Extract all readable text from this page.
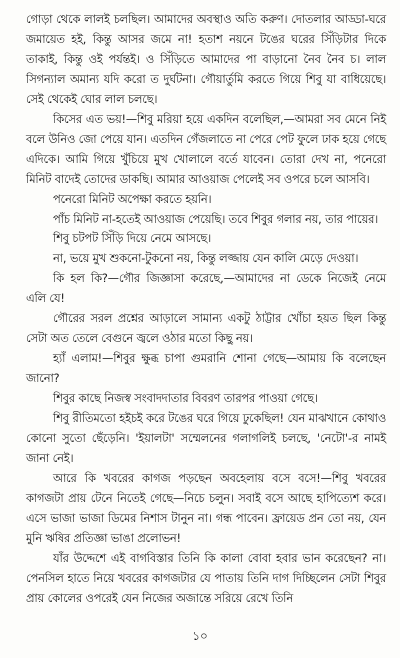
গোড়া থেকে লালই চলছিল। আমাদের অবস্থাও অতি করুণ। দোতলার আড্ডা-ঘরে জমায়েত হই, কিন্তু আসর জমে না! হতাশ নয়নে টঙের ঘরের সিঁড়িটার দিকে তাকাই, কিন্তু ওই পর্যন্তই। ও সিঁড়িতে আমাদের পা বাড়ানো নৈব নৈব চ। লাল সিগন্যাল অমান্য যদি করো ত দুর্ঘটনা। গৌয়ার্তুমি করতে গিয়ে শিবু যা বাধিয়েছে। সেই থেকেই ঘোর লাল চলছে।

কিসের এত ভয়!—শিবু মরিয়া হয়ে একদিন বলেছিল,—আমরা সব মেনে নিই বলে উনিও জো পেয়ে যান। এতদিন গেঁজলাতে না পেরে পেট ফুলে ঢাক হয়ে গেছে এদিকে। আমি গিয়ে খুঁচিয়ে মুখ খোলালে বর্তে যাবেন। তোরা দেখ না, পনেরো মিনিট বাদেই তোদের ডাকছি। আমার আওয়াজ পেলেই সব ওপরে চলে আসবি।

পনেরো মিনিট অপেক্ষা করতে হয়নি।

পাঁচ মিনিট না-হতেই আওয়াজ পেয়েছি। তবে শিবুর গলার নয়, তার পায়ের।

শিবু চটপট সিঁড়ি দিয়ে নেমে আসছে।

না, ভয়ে মুখ শুকনো-টুকনো নয়, কিন্তু লজ্জায় যেন কালি মেড়ে দেওয়া।

কি হল কি?—গৌর জিজ্ঞাসা করেছে,—আমাদের না ডেকে নিজেই নেমে এলি যে!

গৌরের সরল প্রশ্নের আড়ালে সামান্য একটু ঠাট্টার খোঁচা হয়ত ছিল কিন্তু সেটা অত তেলে বেগুনে জ্বলে ওঠার মতো কিছু নয়।

হ্যাঁ এলাম!—শিবুর ক্ষুব্ধ চাপা গুমরানি শোনা গেছে—আমায় কি বলেছেন জানো?

শিবুর কাছে নিজস্ব সংবাদদাতার বিবরণ তারপর পাওয়া গেছে।

শিবু রীতিমতো হইচই করে টঙের ঘরে গিয়ে ঢুকেছিল! যেন মাঝখানে কোথাও কোনো সুতো ছেঁড়েনি। 'ইয়ালটা' সম্মেলনের গলাগলিই চলছে, 'নেটো'-র নামই জানা নেই।

আরে কি খবরের কাগজ পড়ছেন অবহেলায় বসে বসে!—শিবু খবরের কাগজটা প্রায় টেনে নিতেই গেছে—নিচে চলুন। সবাই বসে আছে হাপিত্যেশ করে। এসে ভাজা ভাজা ডিমের নিশাস টানুন না। গন্ধ পাবেন। ফ্রায়েড প্রন তো নয়, যেন মুনি ঋষির প্রতিজ্ঞা ভাঙা প্রলোভন!

যাঁর উদ্দেশে এই বাগবিস্তার তিনি কি কালা বোবা হবার ভান করেছেন? না। পেনসিল হাতে নিয়ে খবরের কাগজটার যে পাতায় তিনি দাগ দিচ্ছিলেন সেটা শিবুর প্রায় কোলের ওপরেই যেন নিজের অজান্তে সরিয়ে রেখে তিনি

১০
